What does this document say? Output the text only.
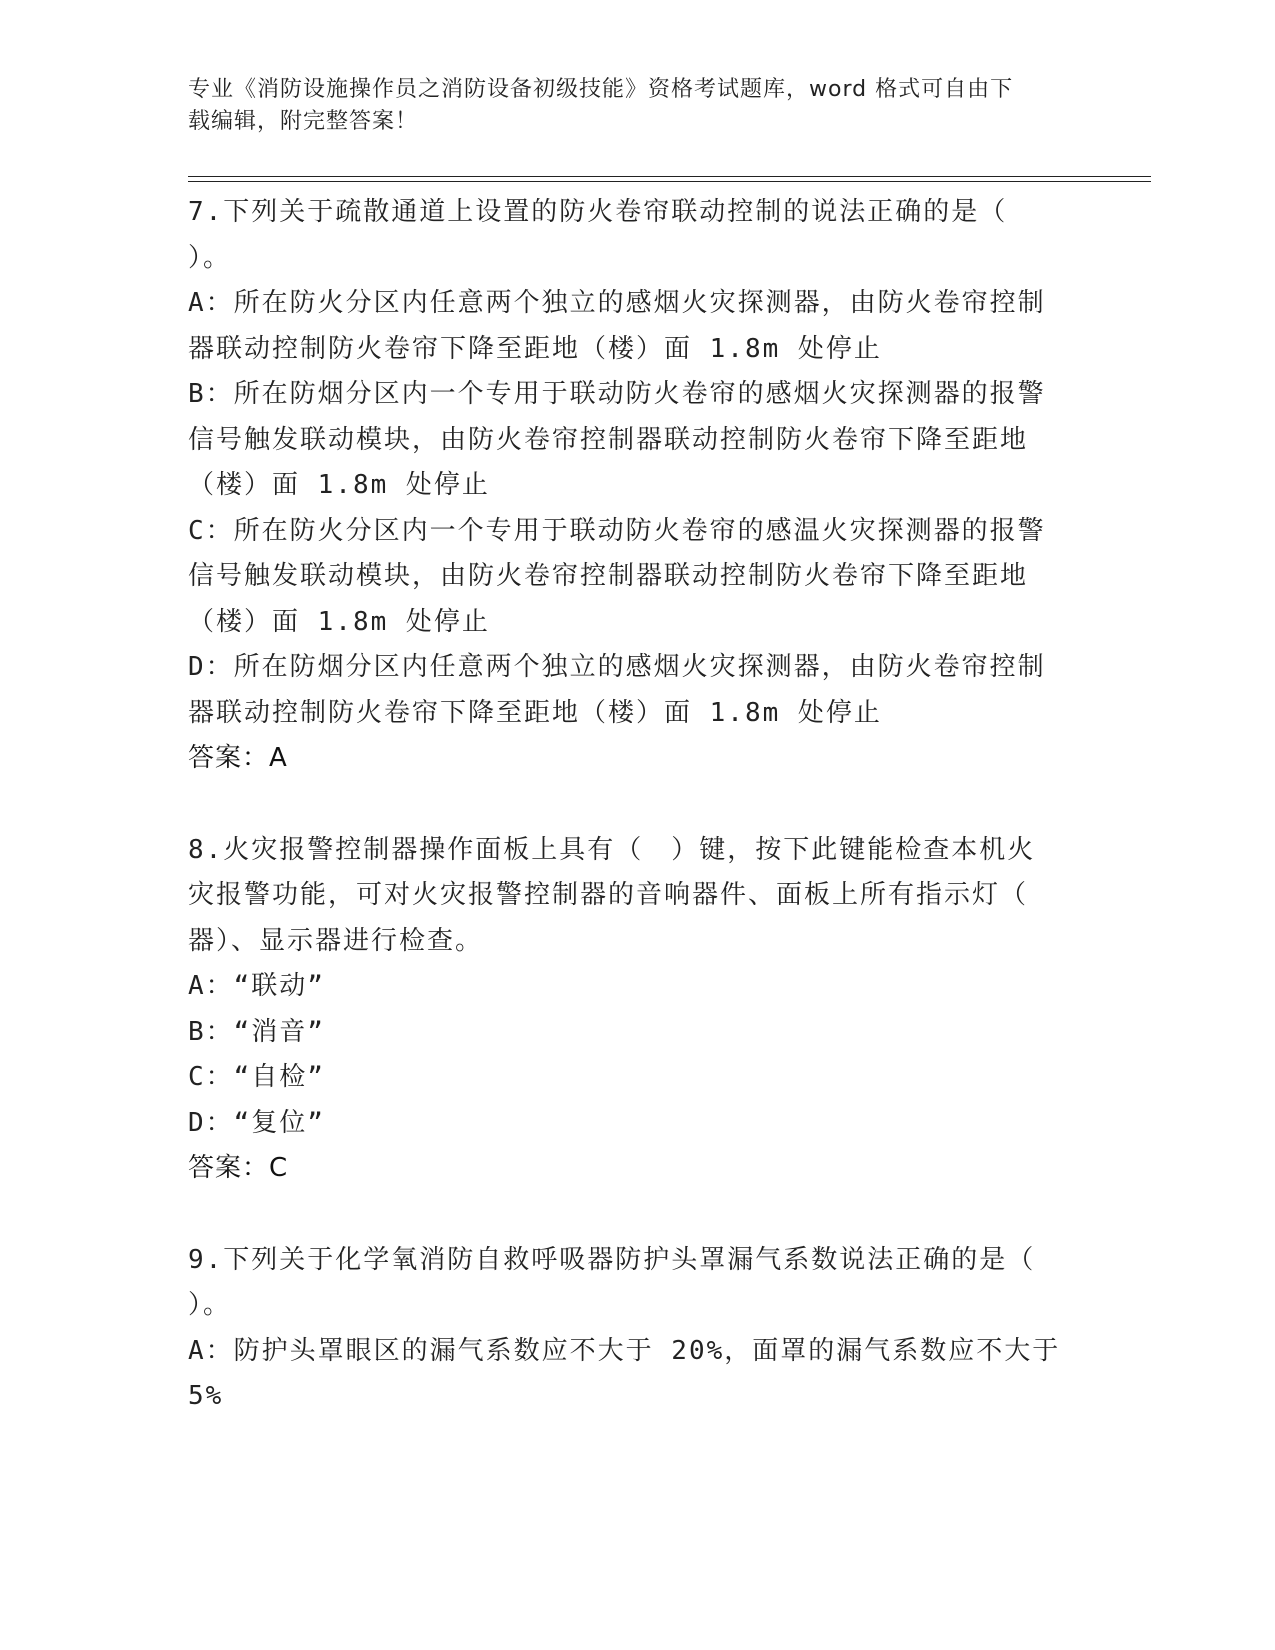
专业《消防设施操作员之消防设备初级技能》资格考试题库，word 格式可自由下
载编辑，附完整答案！
7.下列关于疏散通道上设置的防火卷帘联动控制的说法正确的是（
）。
A：所在防火分区内任意两个独立的感烟火灾探测器，由防火卷帘控制
器联动控制防火卷帘下降至距地（楼）面 1.8m 处停止
B：所在防烟分区内一个专用于联动防火卷帘的感烟火灾探测器的报警
信号触发联动模块，由防火卷帘控制器联动控制防火卷帘下降至距地
（楼）面 1.8m 处停止
C：所在防火分区内一个专用于联动防火卷帘的感温火灾探测器的报警
信号触发联动模块，由防火卷帘控制器联动控制防火卷帘下降至距地
（楼）面 1.8m 处停止
D：所在防烟分区内任意两个独立的感烟火灾探测器，由防火卷帘控制
器联动控制防火卷帘下降至距地（楼）面 1.8m 处停止
答案：A
8.火灾报警控制器操作面板上具有（　）键，按下此键能检查本机火
灾报警功能，可对火灾报警控制器的音响器件、面板上所有指示灯（
器）、显示器进行检查。
A：“联动”
B：“消音”
C：“自检”
D：“复位”
答案：C
9.下列关于化学氧消防自救呼吸器防护头罩漏气系数说法正确的是（
）。
A：防护头罩眼区的漏气系数应不大于 20%，面罩的漏气系数应不大于
5%
